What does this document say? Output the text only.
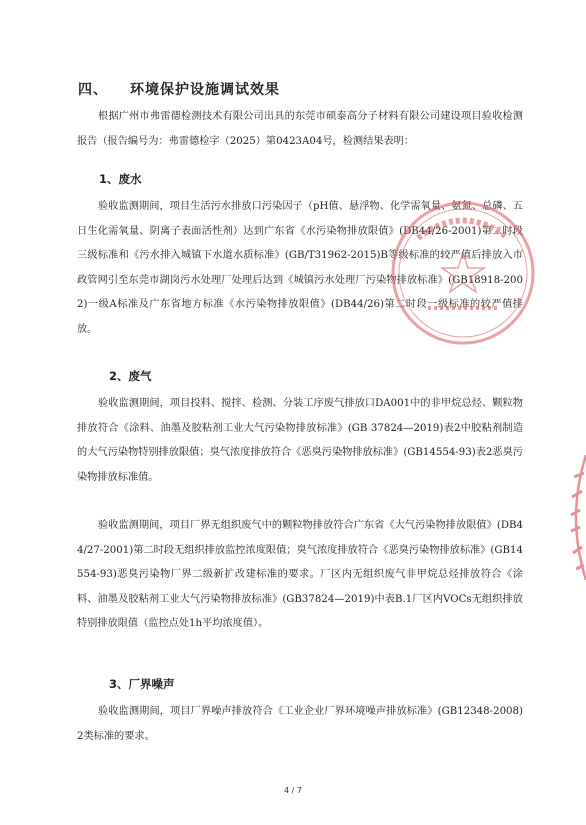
四、 环境保护设施调试效果
根据广州市弗雷德检测技术有限公司出具的东莞市硕泰高分子材料有限公司建设项目验收检测报告（报告编号为：弗雷德检字（2025）第0423A04号，检测结果表明：
1、废水
验收监测期间，项目生活污水排放口污染因子（pH值、悬浮物、化学需氧量、氨氮、总磷、五日生化需氧量、阴离子表面活性剂）达到广东省《水污染物排放限值》(DB44/26-2001)第二时段三级标准和《污水排入城镇下水道水质标准》(GB/T31962-2015)B等级标准的较严值后排放入市政管网引至东莞市湖岗污水处理厂处理后达到《城镇污水处理厂污染物排放标准》(GB18918-2002)一级A标准及广东省地方标准《水污染物排放限值》(DB44/26)第二时段一级标准的较严值排放。
2、废气
验收监测期间，项目投料、搅拌、检测、分装工序废气排放口DA001中的非甲烷总烃、颗粒物排放符合《涂料、油墨及胶粘剂工业大气污染物排放标准》(GB 37824—2019)表2中胶粘剂制造的大气污染物特别排放限值；臭气浓度排放符合《恶臭污染物排放标准》(GB14554-93)表2恶臭污染物排放标准值。
验收监测期间，项目厂界无组织废气中的颗粒物排放符合广东省《大气污染物排放限值》(DB44/27-2001)第二时段无组织排放监控浓度限值；臭气浓度排放符合《恶臭污染物排放标准》(GB14554-93)恶臭污染物厂界二级新扩改建标准的要求。厂区内无组织废气非甲烷总烃排放符合《涂料、油墨及胶粘剂工业大气污染物排放标准》(GB37824—2019)中表B.1厂区内VOCs无组织排放特别排放限值（监控点处1h平均浓度值）。
3、厂界噪声
验收监测期间，项目厂界噪声排放符合《工业企业厂界环境噪声排放标准》(GB12348-2008)2类标准的要求。
4 / 7
